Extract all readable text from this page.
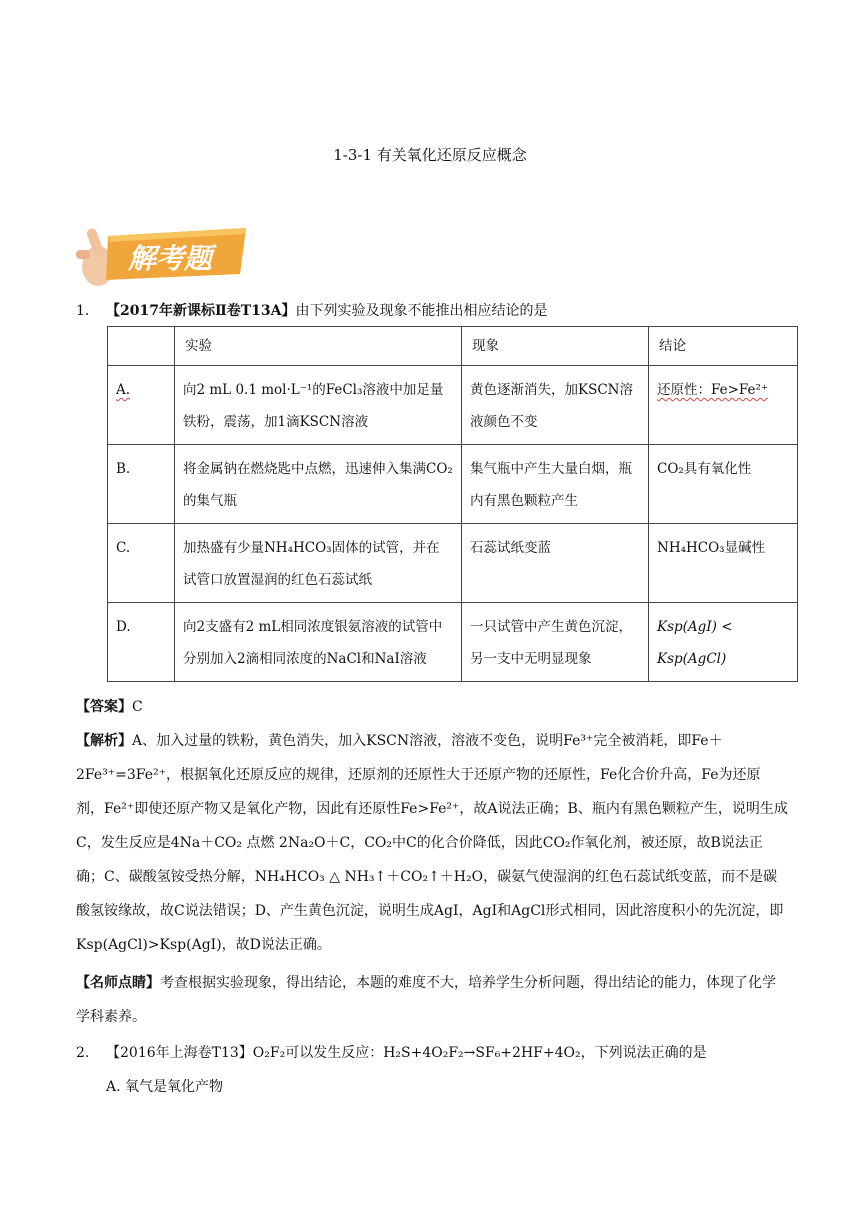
1-3-1 有关氧化还原反应概念
解考题
1. 【2017年新课标Ⅱ卷T13A】由下列实验及现象不能推出相应结论的是
	实验	现象	结论
A.	向2 mL 0.1 mol·L⁻¹的FeCl₃溶液中加足量铁粉，震荡，加1滴KSCN溶液	黄色逐渐消失，加KSCN溶液颜色不变	还原性：Fe>Fe²⁺
B.	将金属钠在燃烧匙中点燃，迅速伸入集满CO₂的集气瓶	集气瓶中产生大量白烟，瓶内有黑色颗粒产生	CO₂具有氧化性
C.	加热盛有少量NH₄HCO₃固体的试管，并在试管口放置湿润的红色石蕊试纸	石蕊试纸变蓝	NH₄HCO₃显碱性
D.	向2支盛有2 mL相同浓度银氨溶液的试管中分别加入2滴相同浓度的NaCl和NaI溶液	一只试管中产生黄色沉淀，另一支中无明显现象	Ksp(AgI) < Ksp(AgCl)
【答案】C

【解析】A、加入过量的铁粉，黄色消失，加入KSCN溶液，溶液不变色，说明Fe³⁺完全被消耗，即Fe＋2Fe³⁺=3Fe²⁺，根据氧化还原反应的规律，还原剂的还原性大于还原产物的还原性，Fe化合价升高，Fe为还原剂，Fe²⁺即使还原产物又是氧化产物，因此有还原性Fe>Fe²⁺，故A说法正确；B、瓶内有黑色颗粒产生，说明生成C，发生反应是4Na＋CO₂ 点燃 2Na₂O＋C，CO₂中C的化合价降低，因此CO₂作氧化剂，被还原，故B说法正确；C、碳酸氢铵受热分解，NH₄HCO₃ △ NH₃↑＋CO₂↑＋H₂O，碳氨气使湿润的红色石蕊试纸变蓝，而不是碳酸氢铵缘故，故C说法错误；D、产生黄色沉淀，说明生成AgI，AgI和AgCl形式相同，因此溶度积小的先沉淀，即Ksp(AgCl)>Ksp(AgI)，故D说法正确。

【名师点睛】考查根据实验现象，得出结论，本题的难度不大，培养学生分析问题，得出结论的能力，体现了化学学科素养。

2. 【2016年上海卷T13】O₂F₂可以发生反应：H₂S+4O₂F₂→SF₆+2HF+4O₂，下列说法正确的是

A. 氧气是氧化产物
